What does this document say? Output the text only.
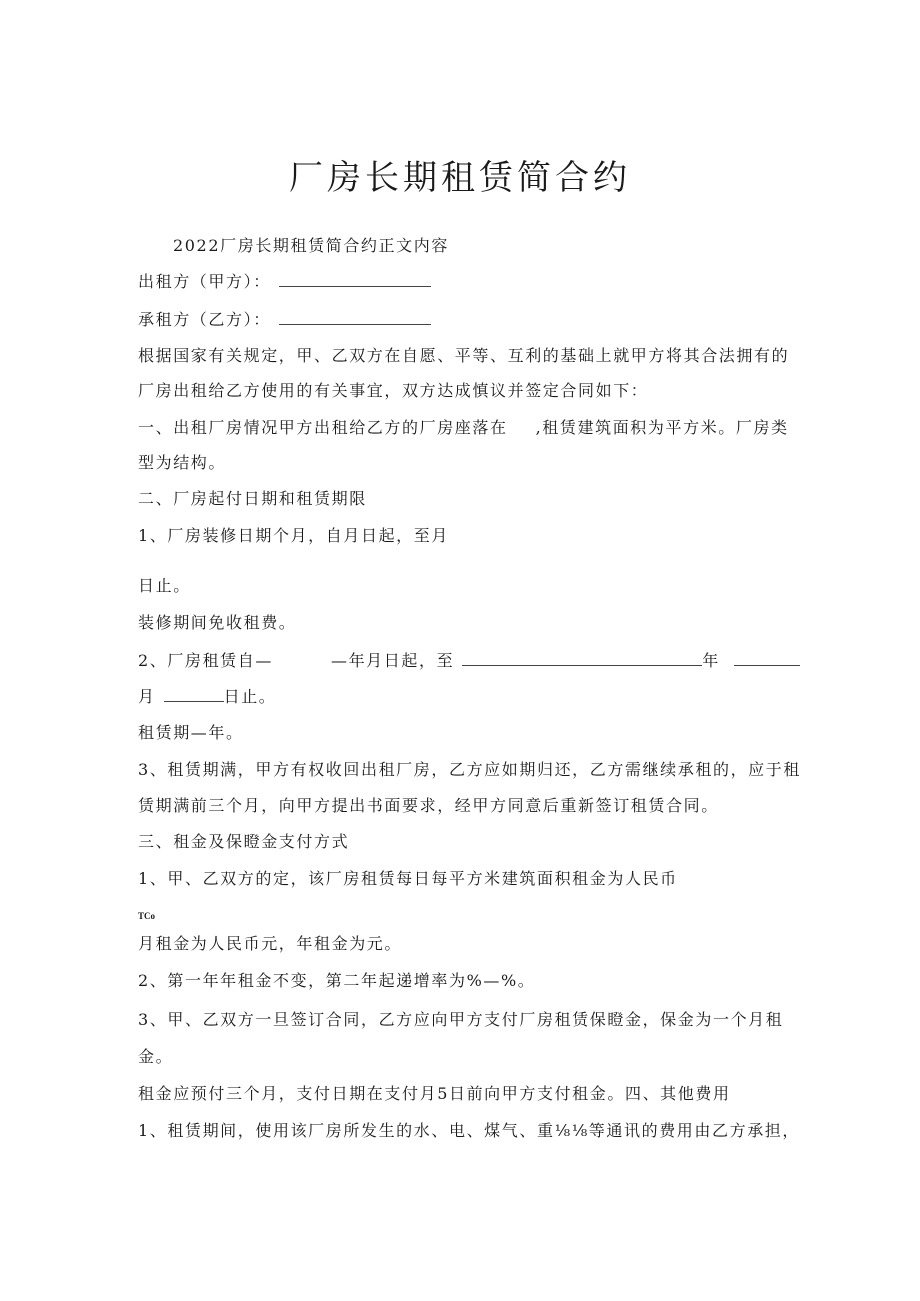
厂房长期租赁简合约
2022厂房长期租赁简合约正文内容
出租方（甲方）：
承租方（乙方）：
根据国家有关规定，甲、乙双方在自愿、平等、互利的基础上就甲方将其合法拥有的
厂房出租给乙方使用的有关事宜，双方达成慎议并签定合同如下：
一、出租厂房情况甲方出租给乙方的厂房座落在 ,租赁建筑面积为平方米。厂房类
型为结构。
二、厂房起付日期和租赁期限
1、厂房装修日期个月，自月日起，至月
日止。
装修期间免收租费。
2、厂房租赁自—	—年月日起，至	年
月	日止。
租赁期—年。
3、租赁期满，甲方有权收回出租厂房，乙方应如期归还，乙方需继续承租的，应于租
赁期满前三个月，向甲方提出书面要求，经甲方同意后重新签订租赁合同。
三、租金及保瞪金支付方式
1、甲、乙双方的定，该厂房租赁每日每平方米建筑面积租金为人民币
TCo
月租金为人民币元，年租金为元。
2、第一年年租金不变，第二年起递增率为%—%。
3、甲、乙双方一旦签订合同，乙方应向甲方支付厂房租赁保瞪金，保金为一个月租
金。
租金应预付三个月，支付日期在支付月5日前向甲方支付租金。四、其他费用
1、租赁期间，使用该厂房所发生的水、电、煤气、重⅛⅛等通讯的费用由乙方承担，
